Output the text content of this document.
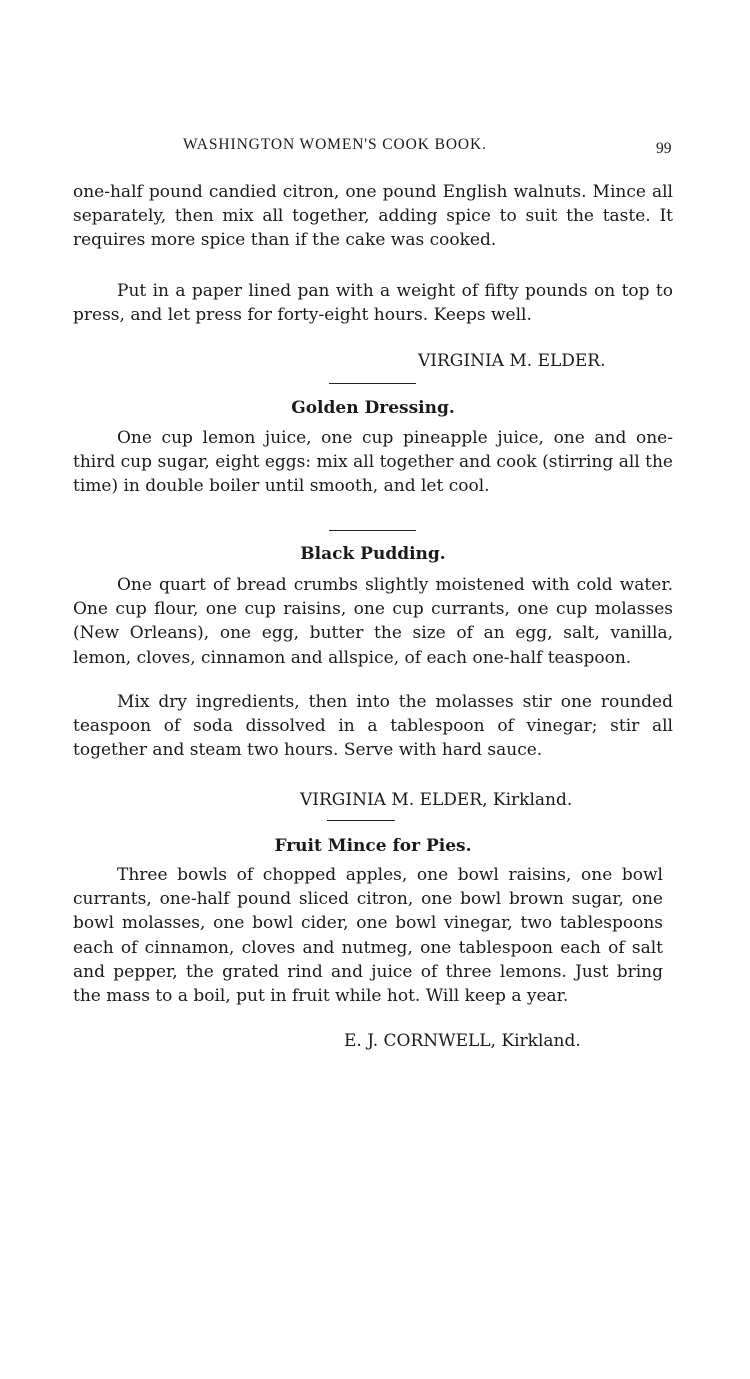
WASHINGTON WOMEN'S COOK BOOK.	99

one-half pound candied citron, one pound English walnuts. Mince all separately, then mix all together, adding spice to suit the taste. It requires more spice than if the cake was cooked.

Put in a paper lined pan with a weight of fifty pounds on top to press, and let press for forty-eight hours. Keeps well.

VIRGINIA M. ELDER.

Golden Dressing.

One cup lemon juice, one cup pineapple juice, one and one-third cup sugar, eight eggs: mix all together and cook (stirring all the time) in double boiler until smooth, and let cool.

Black Pudding.

One quart of bread crumbs slightly moistened with cold water. One cup flour, one cup raisins, one cup currants, one cup molasses (New Orleans), one egg, butter the size of an egg, salt, vanilla, lemon, cloves, cinnamon and allspice, of each one-half teaspoon.

Mix dry ingredients, then into the molasses stir one rounded teaspoon of soda dissolved in a tablespoon of vinegar; stir all together and steam two hours. Serve with hard sauce.

VIRGINIA M. ELDER, Kirkland.

Fruit Mince for Pies.

Three bowls of chopped apples, one bowl raisins, one bowl currants, one-half pound sliced citron, one bowl brown sugar, one bowl molasses, one bowl cider, one bowl vinegar, two tablespoons each of cinnamon, cloves and nutmeg, one tablespoon each of salt and pepper, the grated rind and juice of three lemons. Just bring the mass to a boil, put in fruit while hot. Will keep a year.

E. J. CORNWELL, Kirkland.
